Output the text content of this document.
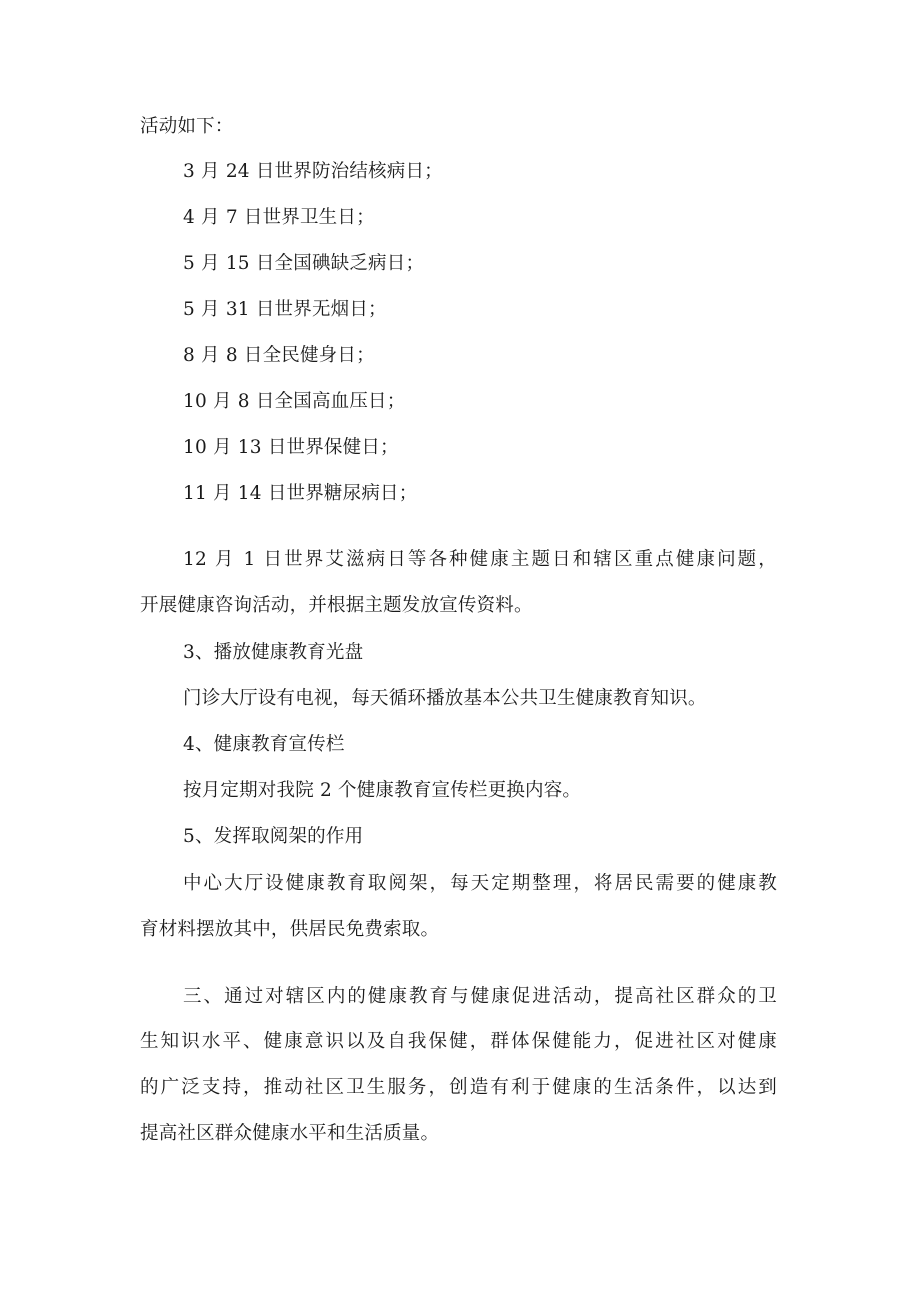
活动如下：

3 月 24 日世界防治结核病日；

4 月 7 日世界卫生日；

5 月 15 日全国碘缺乏病日；

5 月 31 日世界无烟日；

8 月 8 日全民健身日；

10 月 8 日全国高血压日；

10 月 13 日世界保健日；

11 月 14 日世界糖尿病日；

12 月 1 日世界艾滋病日等各种健康主题日和辖区重点健康问题，

开展健康咨询活动，并根据主题发放宣传资料。

3、播放健康教育光盘

门诊大厅设有电视，每天循环播放基本公共卫生健康教育知识。

4、健康教育宣传栏

按月定期对我院 2 个健康教育宣传栏更换内容。

5、发挥取阅架的作用

中心大厅设健康教育取阅架，每天定期整理，将居民需要的健康教

育材料摆放其中，供居民免费索取。

三、通过对辖区内的健康教育与健康促进活动，提高社区群众的卫

生知识水平、健康意识以及自我保健，群体保健能力，促进社区对健康

的广泛支持，推动社区卫生服务，创造有利于健康的生活条件，以达到

提高社区群众健康水平和生活质量。
